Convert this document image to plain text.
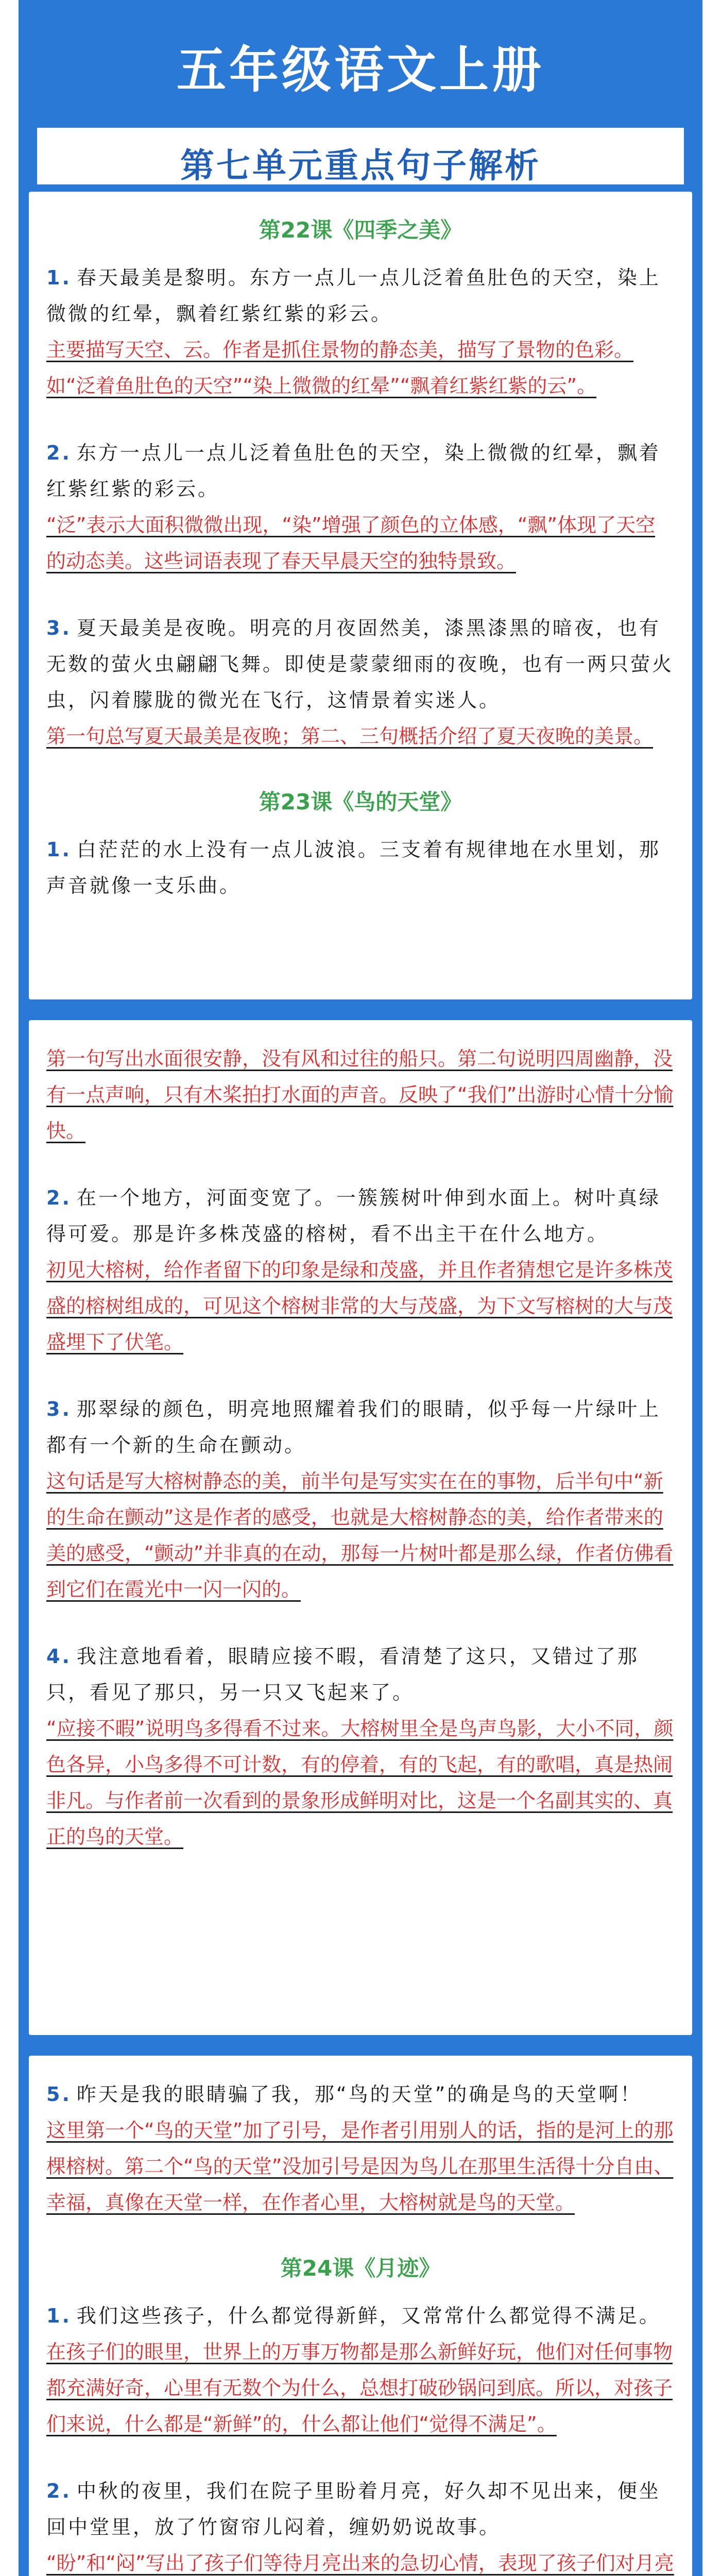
五年级语文上册
第七单元重点句子解析
第22课《四季之美》

1. 春天最美是黎明。东方一点儿一点儿泛着鱼肚色的天空，染上微微的红晕，飘着红紫红紫的彩云。

主要描写天空、云。作者是抓住景物的静态美，描写了景物的色彩。如“泛着鱼肚色的天空”“染上微微的红晕”“飘着红紫红紫的云”。

2. 东方一点儿一点儿泛着鱼肚色的天空，染上微微的红晕，飘着红紫红紫的彩云。

“泛”表示大面积微微出现，“染”增强了颜色的立体感，“飘”体现了天空的动态美。这些词语表现了春天早晨天空的独特景致。

3. 夏天最美是夜晚。明亮的月夜固然美，漆黑漆黑的暗夜，也有无数的萤火虫翩翩飞舞。即使是蒙蒙细雨的夜晚，也有一两只萤火虫，闪着朦胧的微光在飞行，这情景着实迷人。

第一句总写夏天最美是夜晚；第二、三句概括介绍了夏天夜晚的美景。

第23课《鸟的天堂》

1. 白茫茫的水上没有一点儿波浪。三支着有规律地在水里划，那声音就像一支乐曲。

第一句写出水面很安静，没有风和过往的船只。第二句说明四周幽静，没有一点声响，只有木桨拍打水面的声音。反映了“我们”出游时心情十分愉快。

2. 在一个地方，河面变宽了。一簇簇树叶伸到水面上。树叶真绿得可爱。那是许多株茂盛的榕树，看不出主干在什么地方。

初见大榕树，给作者留下的印象是绿和茂盛，并且作者猜想它是许多株茂盛的榕树组成的，可见这个榕树非常的大与茂盛，为下文写榕树的大与茂盛埋下了伏笔。

3. 那翠绿的颜色，明亮地照耀着我们的眼睛，似乎每一片绿叶上都有一个新的生命在颤动。

这句话是写大榕树静态的美，前半句是写实实在在的事物，后半句中“新的生命在颤动”这是作者的感受，也就是大榕树静态的美，给作者带来的美的感受，“颤动”并非真的在动，那每一片树叶都是那么绿，作者仿佛看到它们在霞光中一闪一闪的。

4. 我注意地看着，眼睛应接不暇，看清楚了这只，又错过了那只，看见了那只，另一只又飞起来了。

“应接不暇”说明鸟多得看不过来。大榕树里全是鸟声鸟影，大小不同，颜色各异，小鸟多得不可计数，有的停着，有的飞起，有的歌唱，真是热闹非凡。与作者前一次看到的景象形成鲜明对比，这是一个名副其实的、真正的鸟的天堂。

5. 昨天是我的眼睛骗了我，那“鸟的天堂”的确是鸟的天堂啊！

这里第一个“鸟的天堂”加了引号，是作者引用别人的话，指的是河上的那棵榕树。第二个“鸟的天堂”没加引号是因为鸟儿在那里生活得十分自由、幸福，真像在天堂一样，在作者心里，大榕树就是鸟的天堂。

第24课《月迹》

1. 我们这些孩子，什么都觉得新鲜，又常常什么都觉得不满足。

在孩子们的眼里，世界上的万事万物都是那么新鲜好玩，他们对任何事物都充满好奇，心里有无数个为什么，总想打破砂锅问到底。所以，对孩子们来说，什么都是“新鲜”的，什么都让他们“觉得不满足”。

2. 中秋的夜里，我们在院子里盼着月亮，好久却不见出来，便坐回中堂里，放了竹窗帘儿闷着，缠奶奶说故事。

“盼”和“闷”写出了孩子们等待月亮出来的急切心情，表现了孩子们对月亮
